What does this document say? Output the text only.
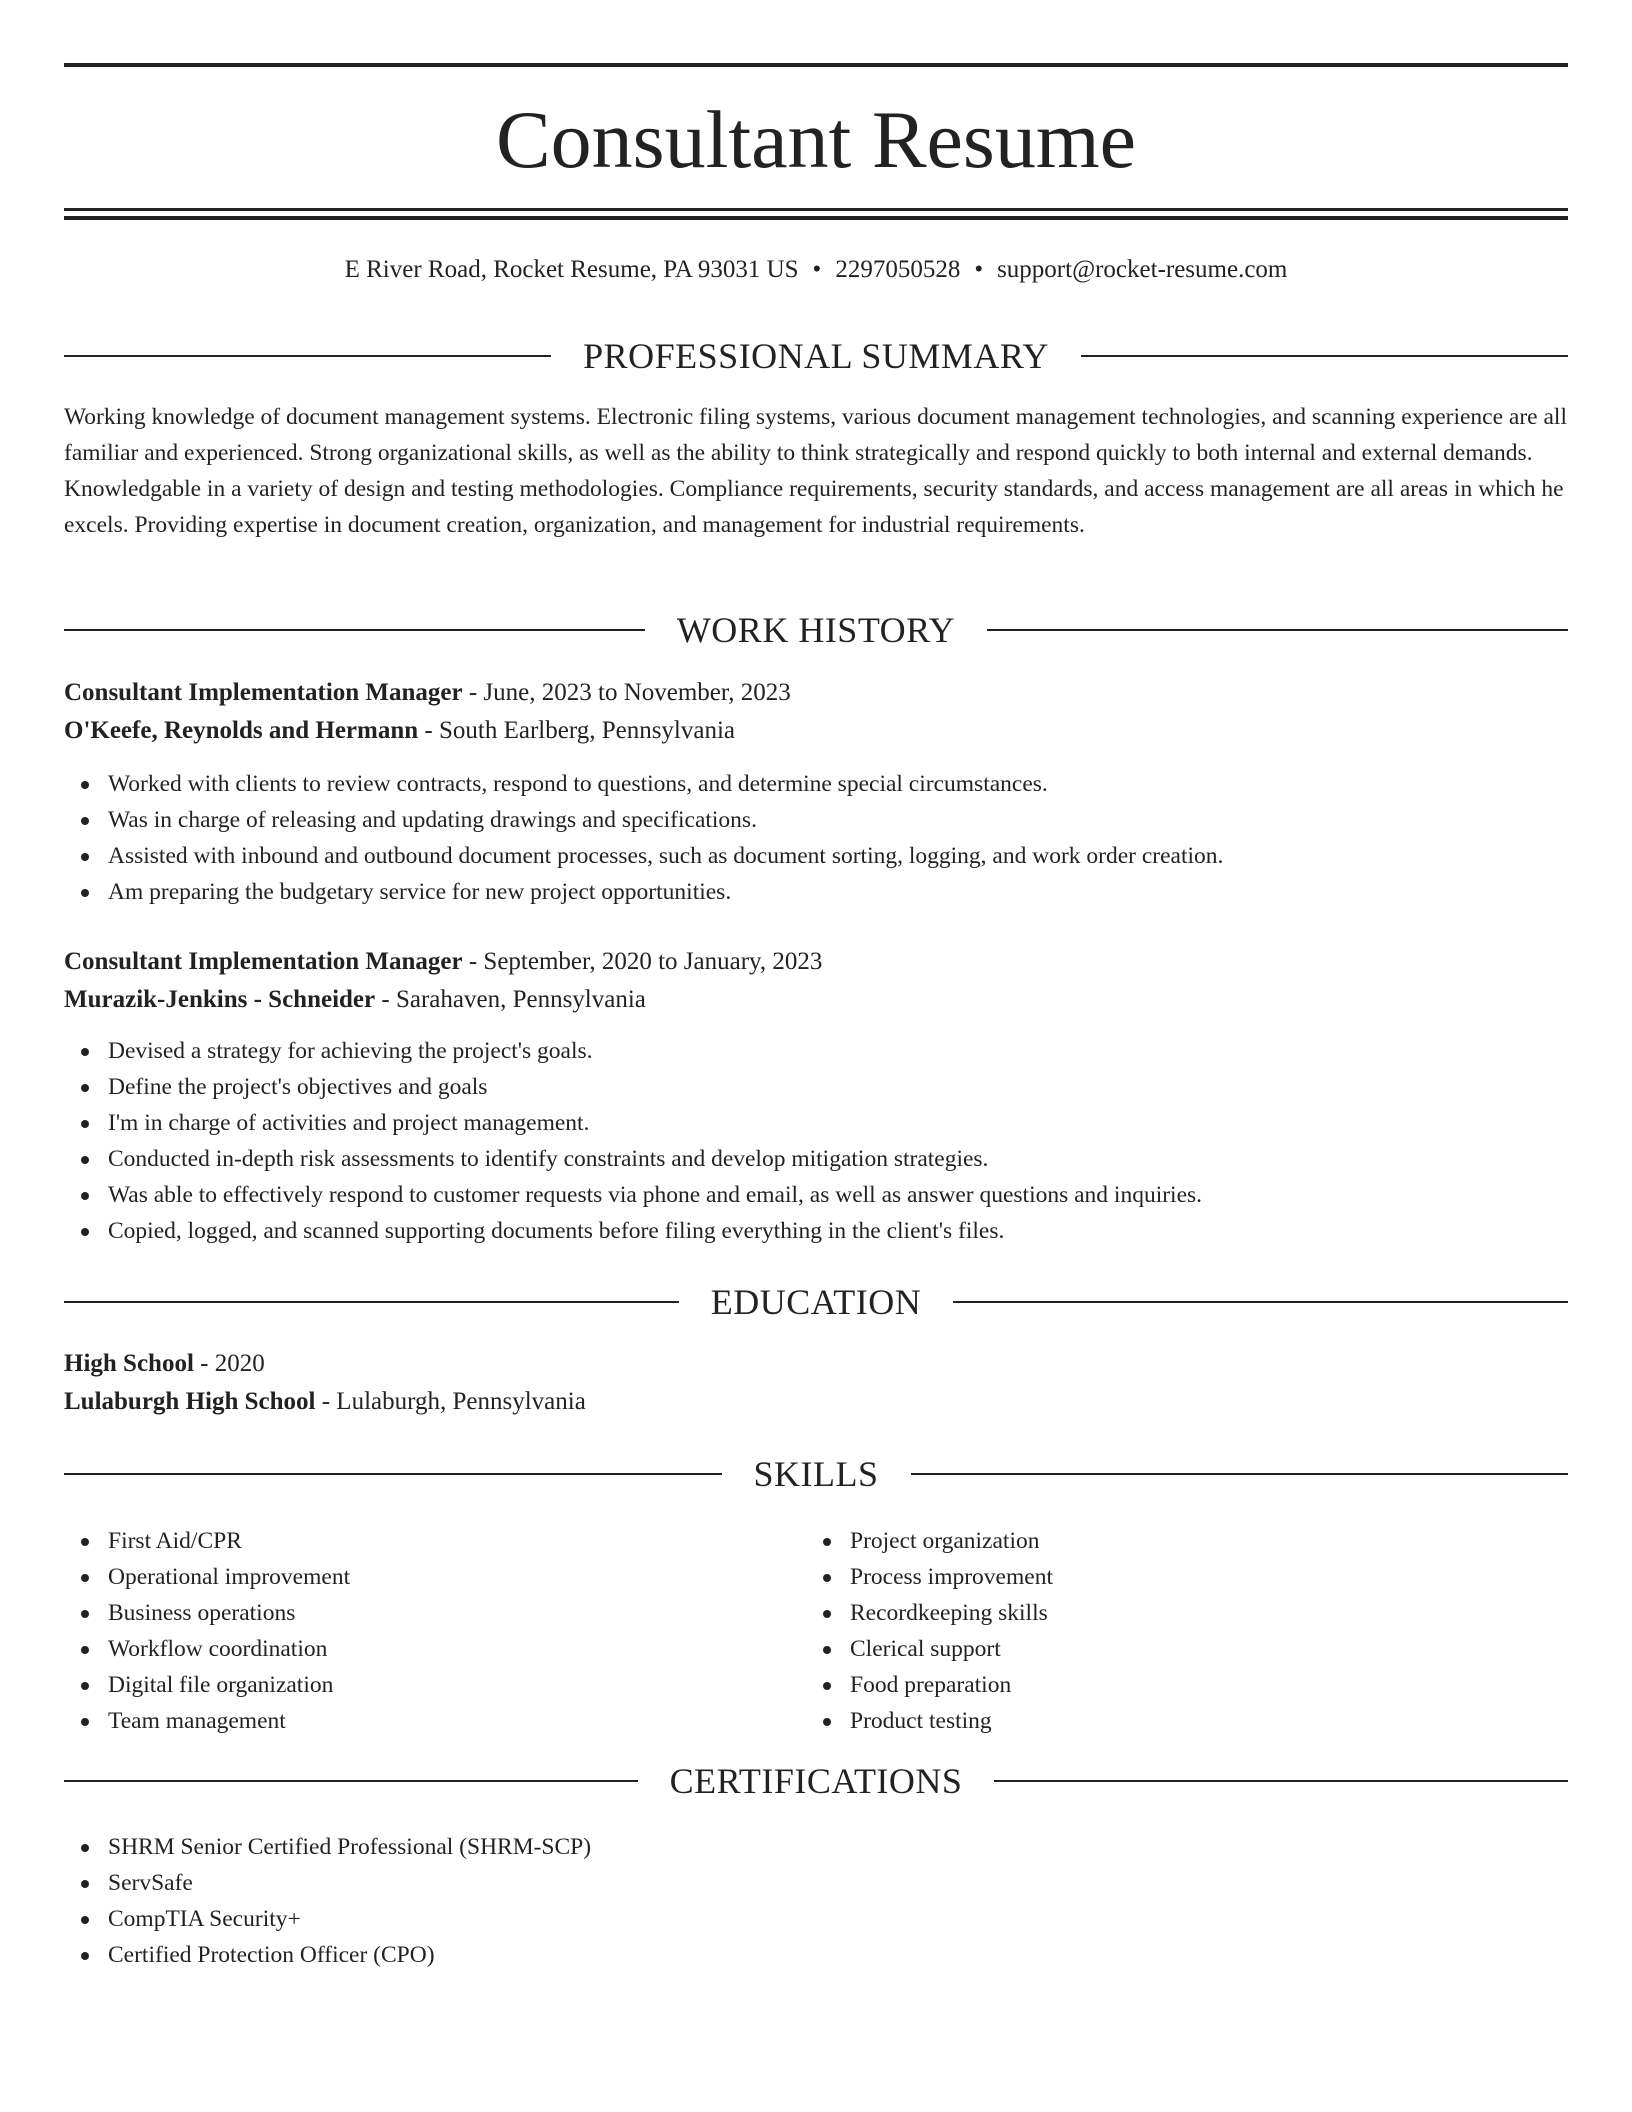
Consultant Resume
E River Road, Rocket Resume, PA 93031 US • 2297050528 • support@rocket-resume.com
PROFESSIONAL SUMMARY
Working knowledge of document management systems. Electronic filing systems, various document management technologies, and scanning experience are all familiar and experienced. Strong organizational skills, as well as the ability to think strategically and respond quickly to both internal and external demands. Knowledgable in a variety of design and testing methodologies. Compliance requirements, security standards, and access management are all areas in which he excels. Providing expertise in document creation, organization, and management for industrial requirements.
WORK HISTORY
Consultant Implementation Manager - June, 2023 to November, 2023
O'Keefe, Reynolds and Hermann - South Earlberg, Pennsylvania
Worked with clients to review contracts, respond to questions, and determine special circumstances.
Was in charge of releasing and updating drawings and specifications.
Assisted with inbound and outbound document processes, such as document sorting, logging, and work order creation.
Am preparing the budgetary service for new project opportunities.
Consultant Implementation Manager - September, 2020 to January, 2023
Murazik-Jenkins - Schneider - Sarahaven, Pennsylvania
Devised a strategy for achieving the project's goals.
Define the project's objectives and goals
I'm in charge of activities and project management.
Conducted in-depth risk assessments to identify constraints and develop mitigation strategies.
Was able to effectively respond to customer requests via phone and email, as well as answer questions and inquiries.
Copied, logged, and scanned supporting documents before filing everything in the client's files.
EDUCATION
High School - 2020
Lulaburgh High School - Lulaburgh, Pennsylvania
SKILLS
First Aid/CPR
Operational improvement
Business operations
Workflow coordination
Digital file organization
Team management
Project organization
Process improvement
Recordkeeping skills
Clerical support
Food preparation
Product testing
CERTIFICATIONS
SHRM Senior Certified Professional (SHRM-SCP)
ServSafe
CompTIA Security+
Certified Protection Officer (CPO)
